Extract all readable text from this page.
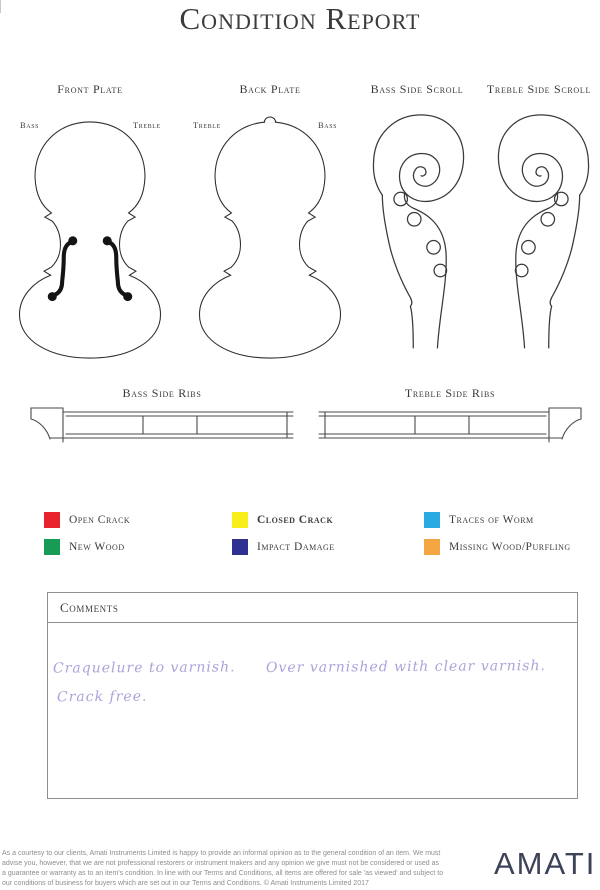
Condition Report
Front Plate	Back Plate	Bass Side Scroll	Treble Side Scroll
Bass	Treble	Treble	Bass
Bass Side Ribs	Treble Side Ribs
Open Crack	Closed Crack	Traces of Worm
New Wood	Impact Damage	Missing Wood/Purfling
Comments
Craquelure to varnish. Over varnished with clear varnish.
Crack free.
As a courtesy to our clients, Amati Instruments Limited is happy to provide an informal opinion as to the general condition of an item. We must
advise you, however, that we are not professional restorers or instrument makers and any opinion we give must not be considered or used as
a guarantee or warranty as to an item's condition. In line with our Terms and Conditions, all items are offered for sale 'as viewed' and subject to
our conditions of business for buyers which are set out in our Terms and Conditions. © Amati Instruments Limited 2017
AMATI
